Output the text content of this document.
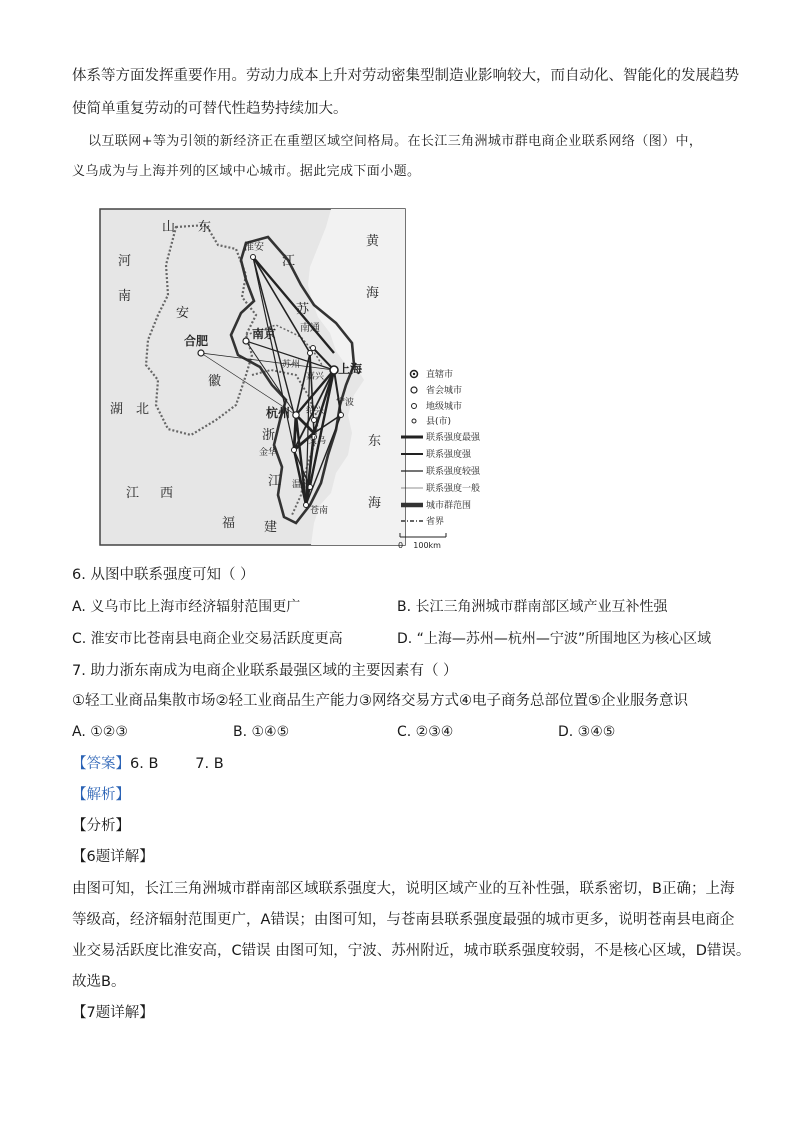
体系等方面发挥重要作用。劳动力成本上升对劳动密集型制造业影响较大，而自动化、智能化的发展趋势
使简单重复劳动的可替代性趋势持续加大。
以互联网+等为引领的新经济正在重塑区域空间格局。在长江三角洲城市群电商企业联系网络（图）中，
义乌成为与上海并列的区域中心城市。据此完成下面小题。
山 东
江
苏
河
南
安
徽
湖 北
江 西
福 建
浙
江
黄
海
东
海
淮安
南京
合肥
南通
苏州
嘉兴
上海
杭州 绍兴
宁波
金华
义乌
温州
苍南
直辖市
省会城市
地级城市
县(市)
联系强度最强
联系强度强
联系强度较强
联系强度一般
城市群范围
省界
0    100km
6. 从图中联系强度可知（ ）
A. 义乌市比上海市经济辐射范围更广	B. 长江三角洲城市群南部区域产业互补性强
C. 淮安市比苍南县电商企业交易活跃度更高	D. “上海—苏州—杭州—宁波”所围地区为核心区域
7. 助力浙东南成为电商企业联系最强区域的主要因素有（ ）
①轻工业商品集散市场②轻工业商品生产能力③网络交易方式④电子商务总部位置⑤企业服务意识
A. ①②③	B. ①④⑤	C. ②③④	D. ③④⑤
【答案】6. B        7. B
【解析】
【分析】
【6题详解】
由图可知，长江三角洲城市群南部区域联系强度大，说明区域产业的互补性强，联系密切，B正确；上海
等级高，经济辐射范围更广，A错误；由图可知，与苍南县联系强度最强的城市更多，说明苍南县电商企
业交易活跃度比淮安高，C错误 由图可知，宁波、苏州附近，城市联系强度较弱，不是核心区域，D错误。
故选B。
【7题详解】
